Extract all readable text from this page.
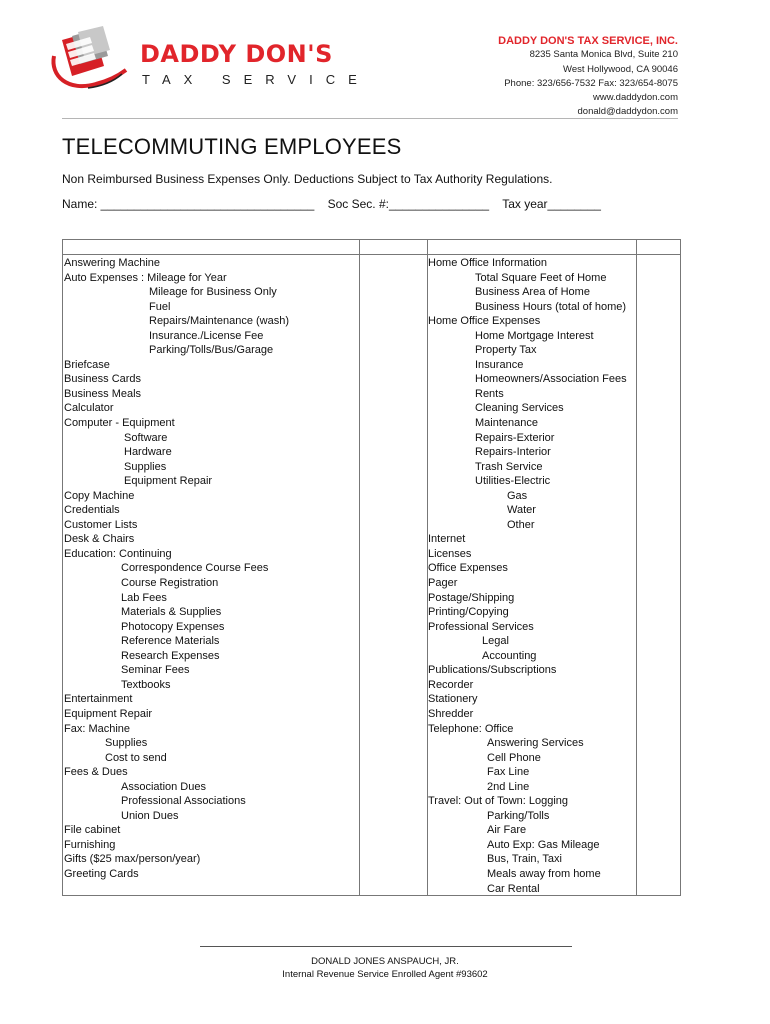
DADDY DON'S
TAX SERVICE
DADDY DON'S TAX SERVICE, INC.
8235 Santa Monica Blvd, Suite 210
West Hollywood, CA 90046
Phone: 323/656-7532 Fax: 323/654-8075
www.daddydon.com
donald@daddydon.com
TELECOMMUTING EMPLOYEES
Non Reimbursed Business Expenses Only. Deductions Subject to Tax Authority Regulations.
Name: ________________________________ Soc Sec. #:_______________ Tax year________
Answering Machine
Auto Expenses : Mileage for Year
Mileage for Business Only
Fuel
Repairs/Maintenance (wash)
Insurance./License Fee
Parking/Tolls/Bus/Garage
Briefcase
Business Cards
Business Meals
Calculator
Computer - Equipment
Software
Hardware
Supplies
Equipment Repair
Copy Machine
Credentials
Customer Lists
Desk & Chairs
Education: Continuing
Correspondence Course Fees
Course Registration
Lab Fees
Materials & Supplies
Photocopy Expenses
Reference Materials
Research Expenses
Seminar Fees
Textbooks
Entertainment
Equipment Repair
Fax: Machine
Supplies
Cost to send
Fees & Dues
Association Dues
Professional Associations
Union Dues
File cabinet
Furnishing
Gifts ($25 max/person/year)
Greeting Cards
Home Office Information
Total Square Feet of Home
Business Area of Home
Business Hours (total of home)
Home Office Expenses
Home Mortgage Interest
Property Tax
Insurance
Homeowners/Association Fees
Rents
Cleaning Services
Maintenance
Repairs-Exterior
Repairs-Interior
Trash Service
Utilities-Electric
Gas
Water
Other
Internet
Licenses
Office Expenses
Pager
Postage/Shipping
Printing/Copying
Professional Services
Legal
Accounting
Publications/Subscriptions
Recorder
Stationery
Shredder
Telephone: Office
Answering Services
Cell Phone
Fax Line
2nd Line
Travel: Out of Town: Logging
Parking/Tolls
Air Fare
Auto Exp: Gas Mileage
Bus, Train, Taxi
Meals away from home
Car Rental
DONALD JONES ANSPAUCH, JR.
Internal Revenue Service Enrolled Agent #93602
